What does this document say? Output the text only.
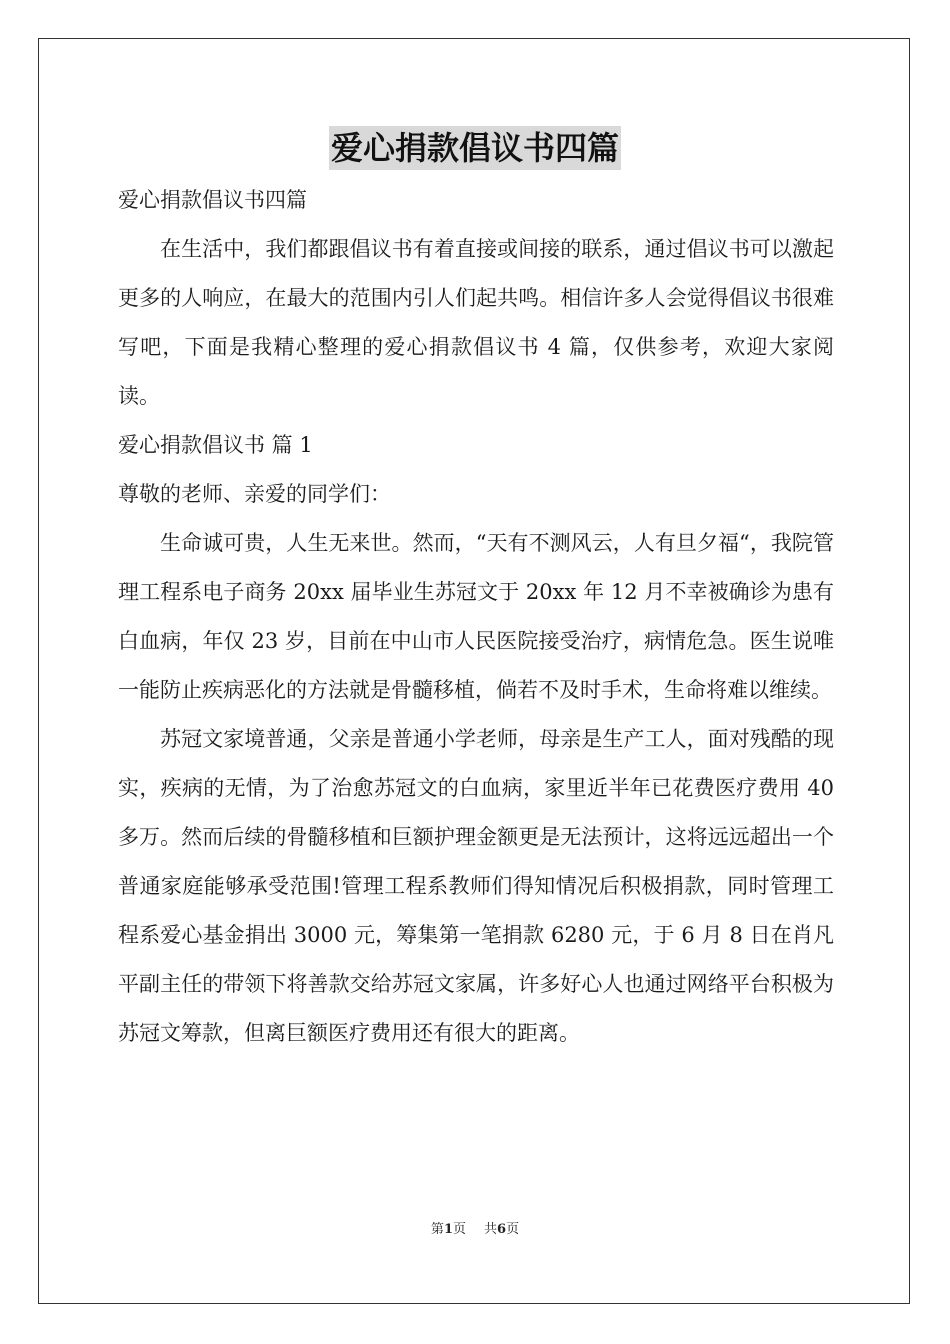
爱心捐款倡议书四篇

爱心捐款倡议书四篇

在生活中，我们都跟倡议书有着直接或间接的联系，通过倡议书可以激起更多的人响应，在最大的范围内引人们起共鸣。相信许多人会觉得倡议书很难写吧，下面是我精心整理的爱心捐款倡议书 4 篇，仅供参考，欢迎大家阅读。

爱心捐款倡议书 篇 1

尊敬的老师、亲爱的同学们：

生命诚可贵，人生无来世。然而，“天有不测风云，人有旦夕福“，我院管理工程系电子商务 20xx 届毕业生苏冠文于 20xx 年 12 月不幸被确诊为患有白血病，年仅 23 岁，目前在中山市人民医院接受治疗，病情危急。医生说唯一能防止疾病恶化的方法就是骨髓移植，倘若不及时手术，生命将难以维续。

苏冠文家境普通，父亲是普通小学老师，母亲是生产工人，面对残酷的现实，疾病的无情，为了治愈苏冠文的白血病，家里近半年已花费医疗费用 40 多万。然而后续的骨髓移植和巨额护理金额更是无法预计，这将远远超出一个普通家庭能够承受范围!管理工程系教师们得知情况后积极捐款，同时管理工程系爱心基金捐出 3000 元，筹集第一笔捐款 6280 元，于 6 月 8 日在肖凡平副主任的带领下将善款交给苏冠文家属，许多好心人也通过网络平台积极为苏冠文筹款，但离巨额医疗费用还有很大的距离。

第1页 共6页
